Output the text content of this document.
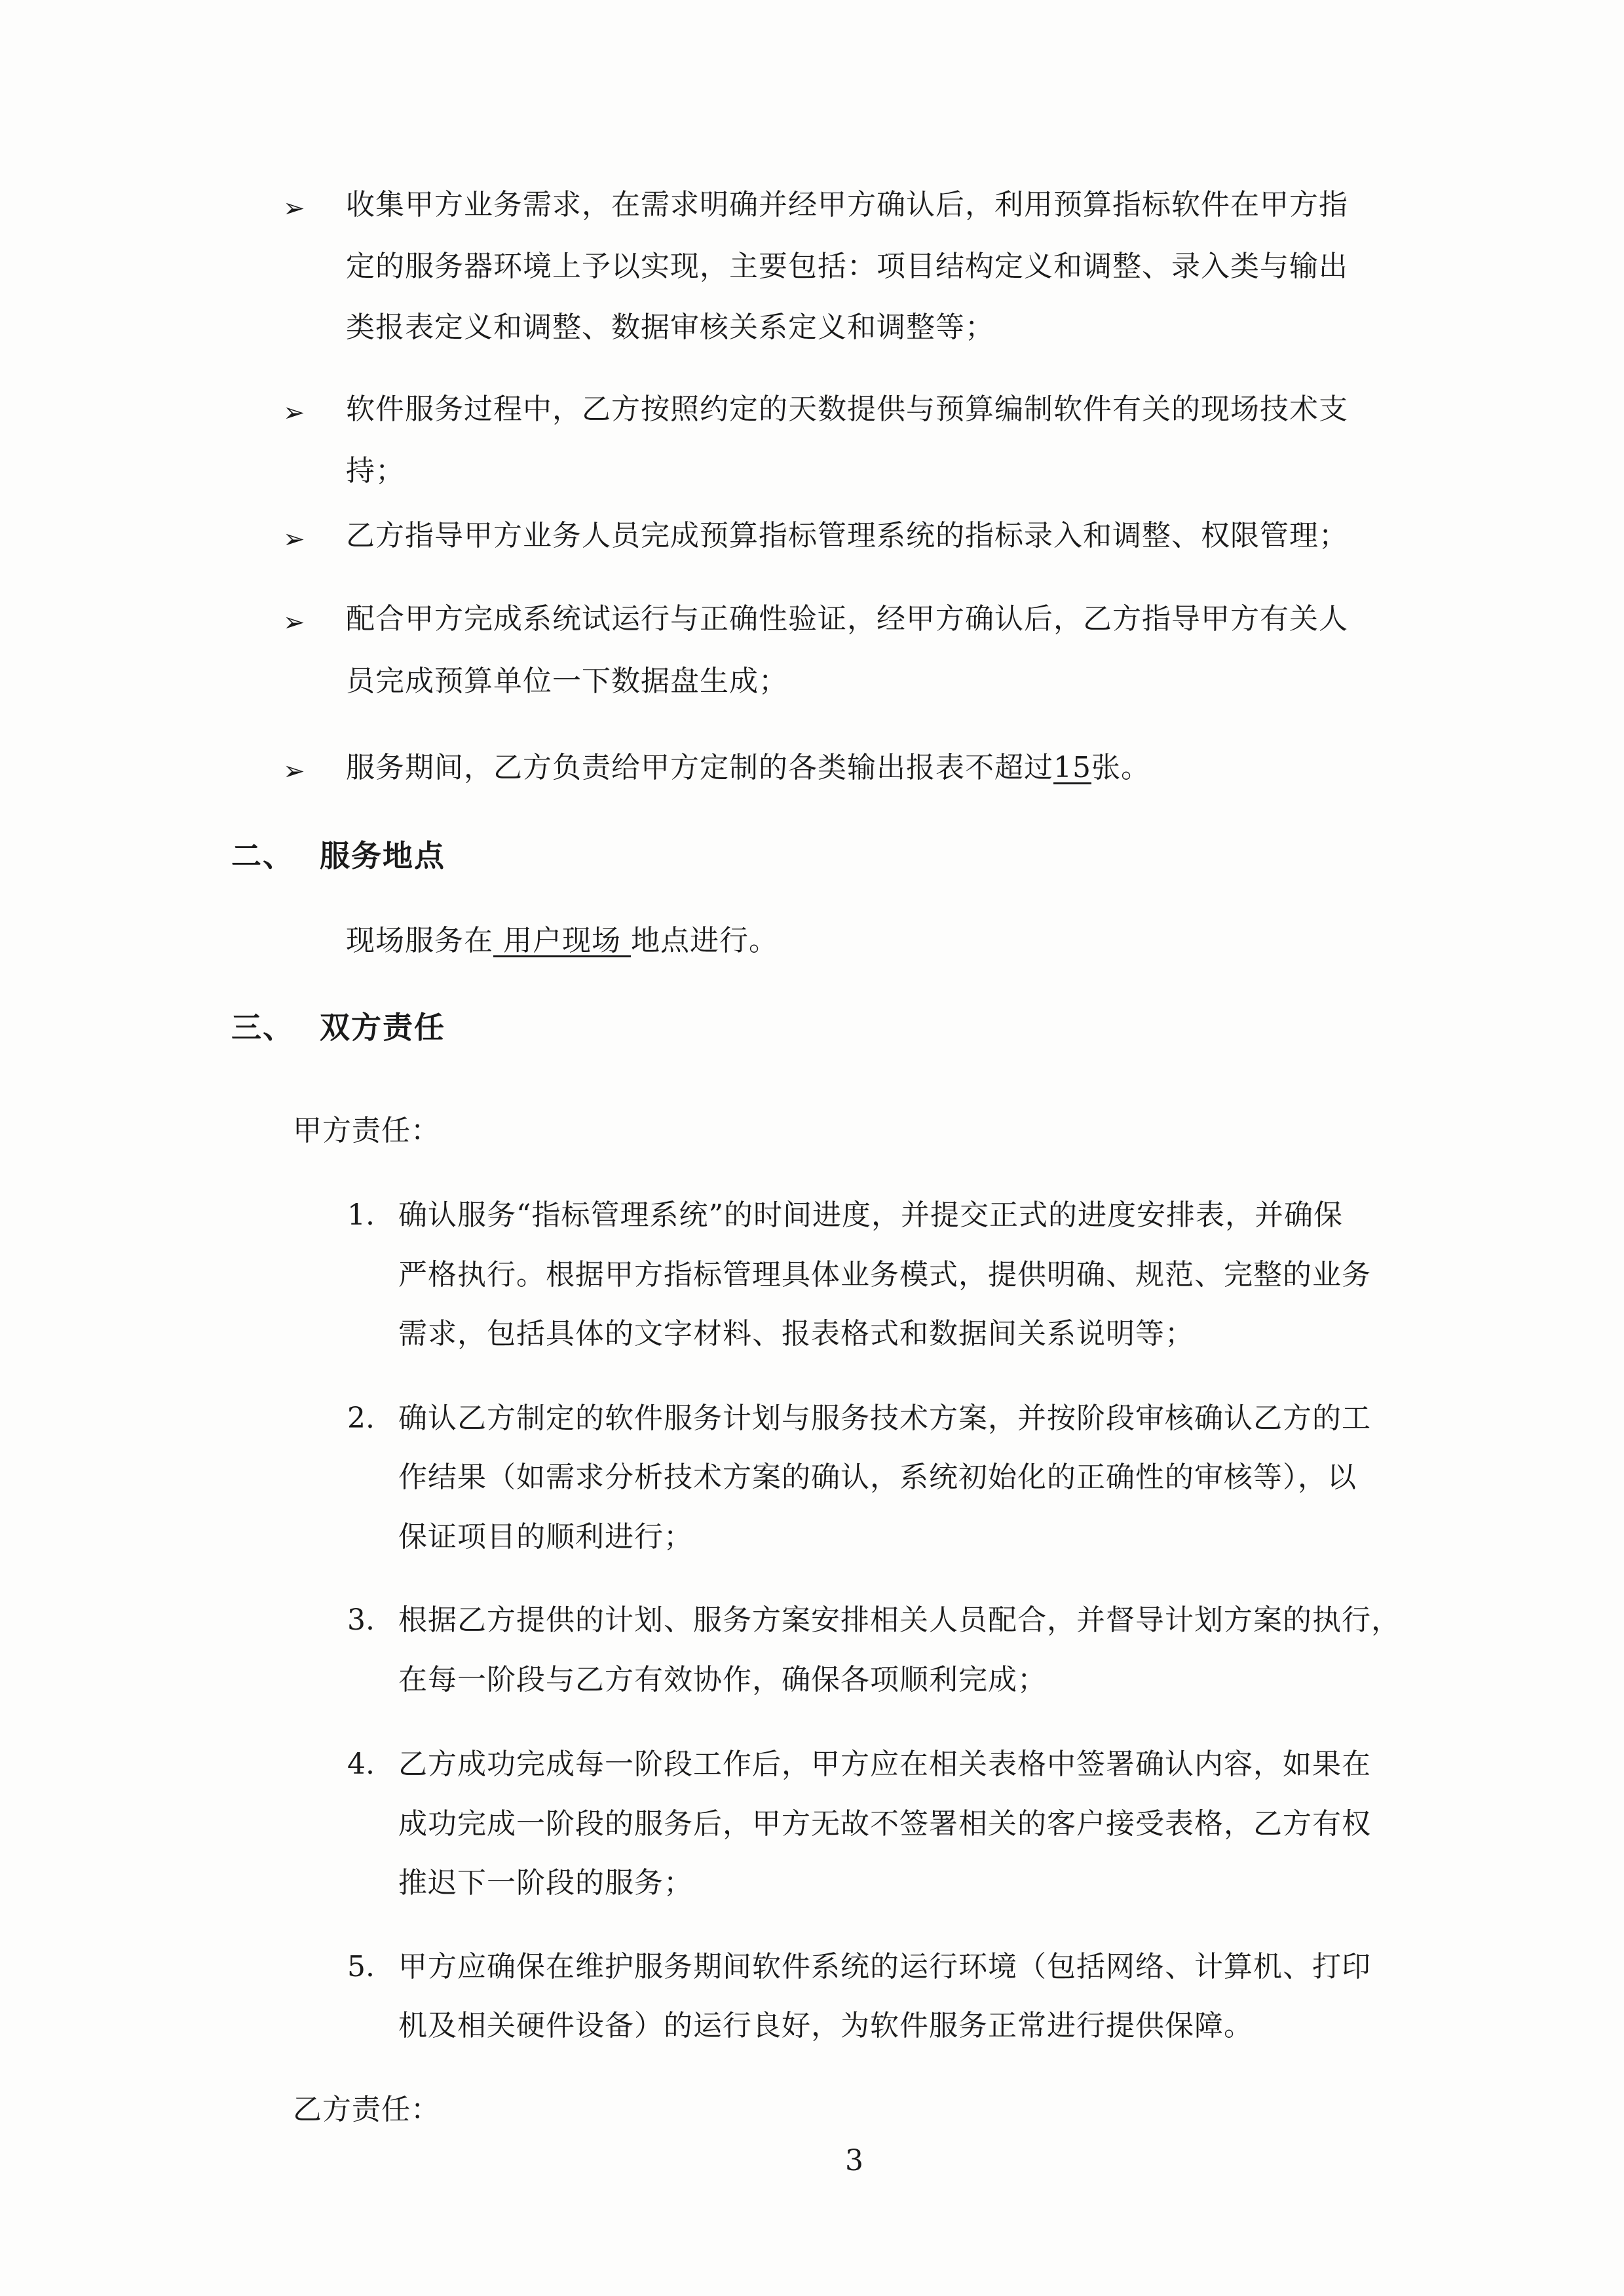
➢ 收集甲方业务需求，在需求明确并经甲方确认后，利用预算指标软件在甲方指
定的服务器环境上予以实现，主要包括：项目结构定义和调整、录入类与输出
类报表定义和调整、数据审核关系定义和调整等；
➢ 软件服务过程中，乙方按照约定的天数提供与预算编制软件有关的现场技术支
持；
➢ 乙方指导甲方业务人员完成预算指标管理系统的指标录入和调整、权限管理；
➢ 配合甲方完成系统试运行与正确性验证，经甲方确认后，乙方指导甲方有关人
员完成预算单位一下数据盘生成；
➢ 服务期间，乙方负责给甲方定制的各类输出报表不超过15张。
二、 服务地点
现场服务在 用户现场 地点进行。
三、 双方责任
甲方责任：
1. 确认服务“指标管理系统”的时间进度，并提交正式的进度安排表，并确保
严格执行。根据甲方指标管理具体业务模式，提供明确、规范、完整的业务
需求，包括具体的文字材料、报表格式和数据间关系说明等；
2. 确认乙方制定的软件服务计划与服务技术方案，并按阶段审核确认乙方的工
作结果（如需求分析技术方案的确认，系统初始化的正确性的审核等），以
保证项目的顺利进行；
3. 根据乙方提供的计划、服务方案安排相关人员配合，并督导计划方案的执行，
在每一阶段与乙方有效协作，确保各项顺利完成；
4. 乙方成功完成每一阶段工作后，甲方应在相关表格中签署确认内容，如果在
成功完成一阶段的服务后，甲方无故不签署相关的客户接受表格，乙方有权
推迟下一阶段的服务；
5. 甲方应确保在维护服务期间软件系统的运行环境（包括网络、计算机、打印
机及相关硬件设备）的运行良好，为软件服务正常进行提供保障。
乙方责任：
3
